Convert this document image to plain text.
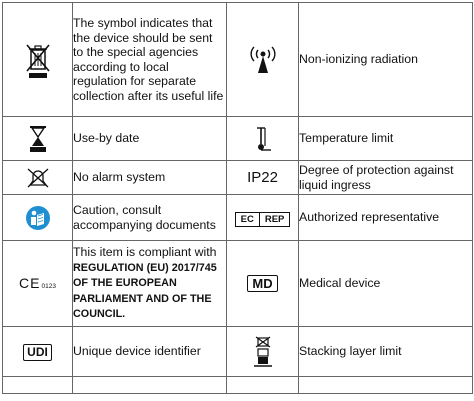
	The symbol indicates that the device should be sent to the special agencies according to local regulation for separate collection after its useful life		Non-ionizing radiation
	Use-by date		Temperature limit
	No alarm system	IP22	Degree of protection against liquid ingress
	Caution, consult accompanying documents	EC REP	Authorized representative
CE0123	This item is compliant with REGULATION (EU) 2017/745 OF THE EUROPEAN PARLIAMENT AND OF THE COUNCIL.	MD	Medical device
UDI	Unique device identifier		Stacking layer limit
